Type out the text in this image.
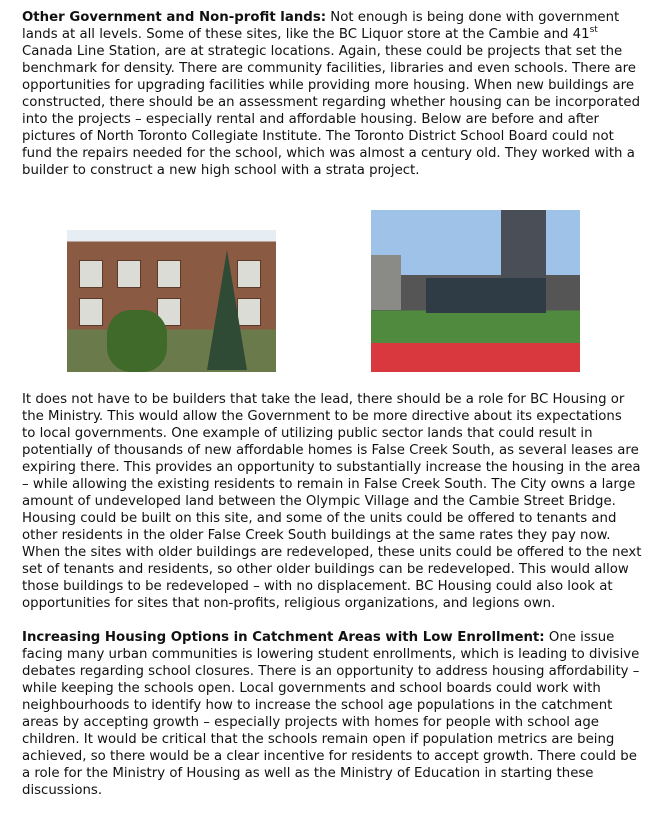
Other Government and Non-profit lands: Not enough is being done with government
lands at all levels. Some of these sites, like the BC Liquor store at the Cambie and 41st
Canada Line Station, are at strategic locations. Again, these could be projects that set the
benchmark for density. There are community facilities, libraries and even schools. There are
opportunities for upgrading facilities while providing more housing. When new buildings are
constructed, there should be an assessment regarding whether housing can be incorporated
into the projects – especially rental and affordable housing. Below are before and after
pictures of North Toronto Collegiate Institute. The Toronto District School Board could not
fund the repairs needed for the school, which was almost a century old. They worked with a
builder to construct a new high school with a strata project.
It does not have to be builders that take the lead, there should be a role for BC Housing or
the Ministry. This would allow the Government to be more directive about its expectations
to local governments. One example of utilizing public sector lands that could result in
potentially of thousands of new affordable homes is False Creek South, as several leases are
expiring there. This provides an opportunity to substantially increase the housing in the area
– while allowing the existing residents to remain in False Creek South. The City owns a large
amount of undeveloped land between the Olympic Village and the Cambie Street Bridge.
Housing could be built on this site, and some of the units could be offered to tenants and
other residents in the older False Creek South buildings at the same rates they pay now.
When the sites with older buildings are redeveloped, these units could be offered to the next
set of tenants and residents, so other older buildings can be redeveloped. This would allow
those buildings to be redeveloped – with no displacement. BC Housing could also look at
opportunities for sites that non-profits, religious organizations, and legions own.
Increasing Housing Options in Catchment Areas with Low Enrollment: One issue
facing many urban communities is lowering student enrollments, which is leading to divisive
debates regarding school closures. There is an opportunity to address housing affordability –
while keeping the schools open. Local governments and school boards could work with
neighbourhoods to identify how to increase the school age populations in the catchment
areas by accepting growth – especially projects with homes for people with school age
children. It would be critical that the schools remain open if population metrics are being
achieved, so there would be a clear incentive for residents to accept growth. There could be
a role for the Ministry of Housing as well as the Ministry of Education in starting these
discussions.
